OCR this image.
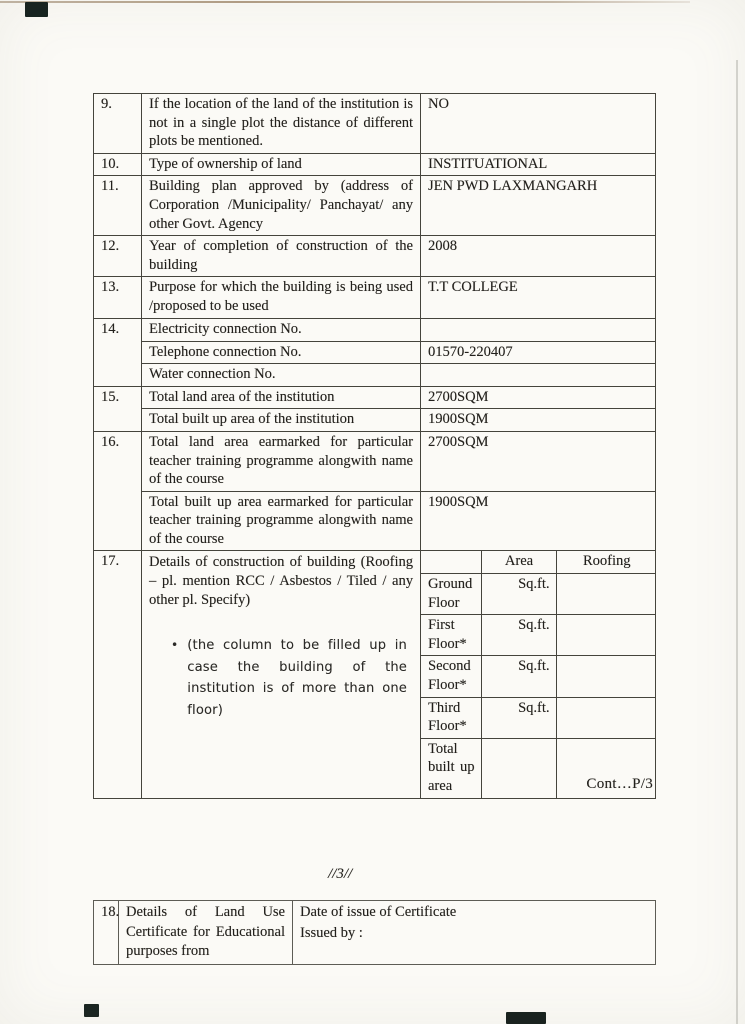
9.	If the location of the land of the institution is not in a single plot the distance of different plots be mentioned.	NO
10.	Type of ownership of land	INSTITUATIONAL
11.	Building plan approved by (address of Corporation /Municipality/ Panchayat/ any other Govt. Agency	JEN PWD LAXMANGARH
12.	Year of completion of construction of the building	2008
13.	Purpose for which the building is being used /proposed to be used	T.T COLLEGE
14.	Electricity connection No.	
Telephone connection No.	01570-220407
Water connection No.	
15.	Total land area of the institution	2700SQM
Total built up area of the institution	1900SQM
16.	Total land area earmarked for particular teacher training programme alongwith name of the course	2700SQM
Total built up area earmarked for particular teacher training programme alongwith name of the course	1900SQM
17.	Details of construction of building (Roofing – pl. mention RCC / Asbestos / Tiled / any other pl. Specify)
• (the column to be filled up in case the building of the institution is of more than one floor)

	Area	Roofing
Ground Floor	Sq.ft.	
First Floor*	Sq.ft.	
Second Floor*	Sq.ft.	
Third Floor*	Sq.ft.	
Total built up area			Cont…P/3
//3//
18.	Details of Land Use Certificate for Educational purposes from	
Date of issue of Certificate
Issued by :
